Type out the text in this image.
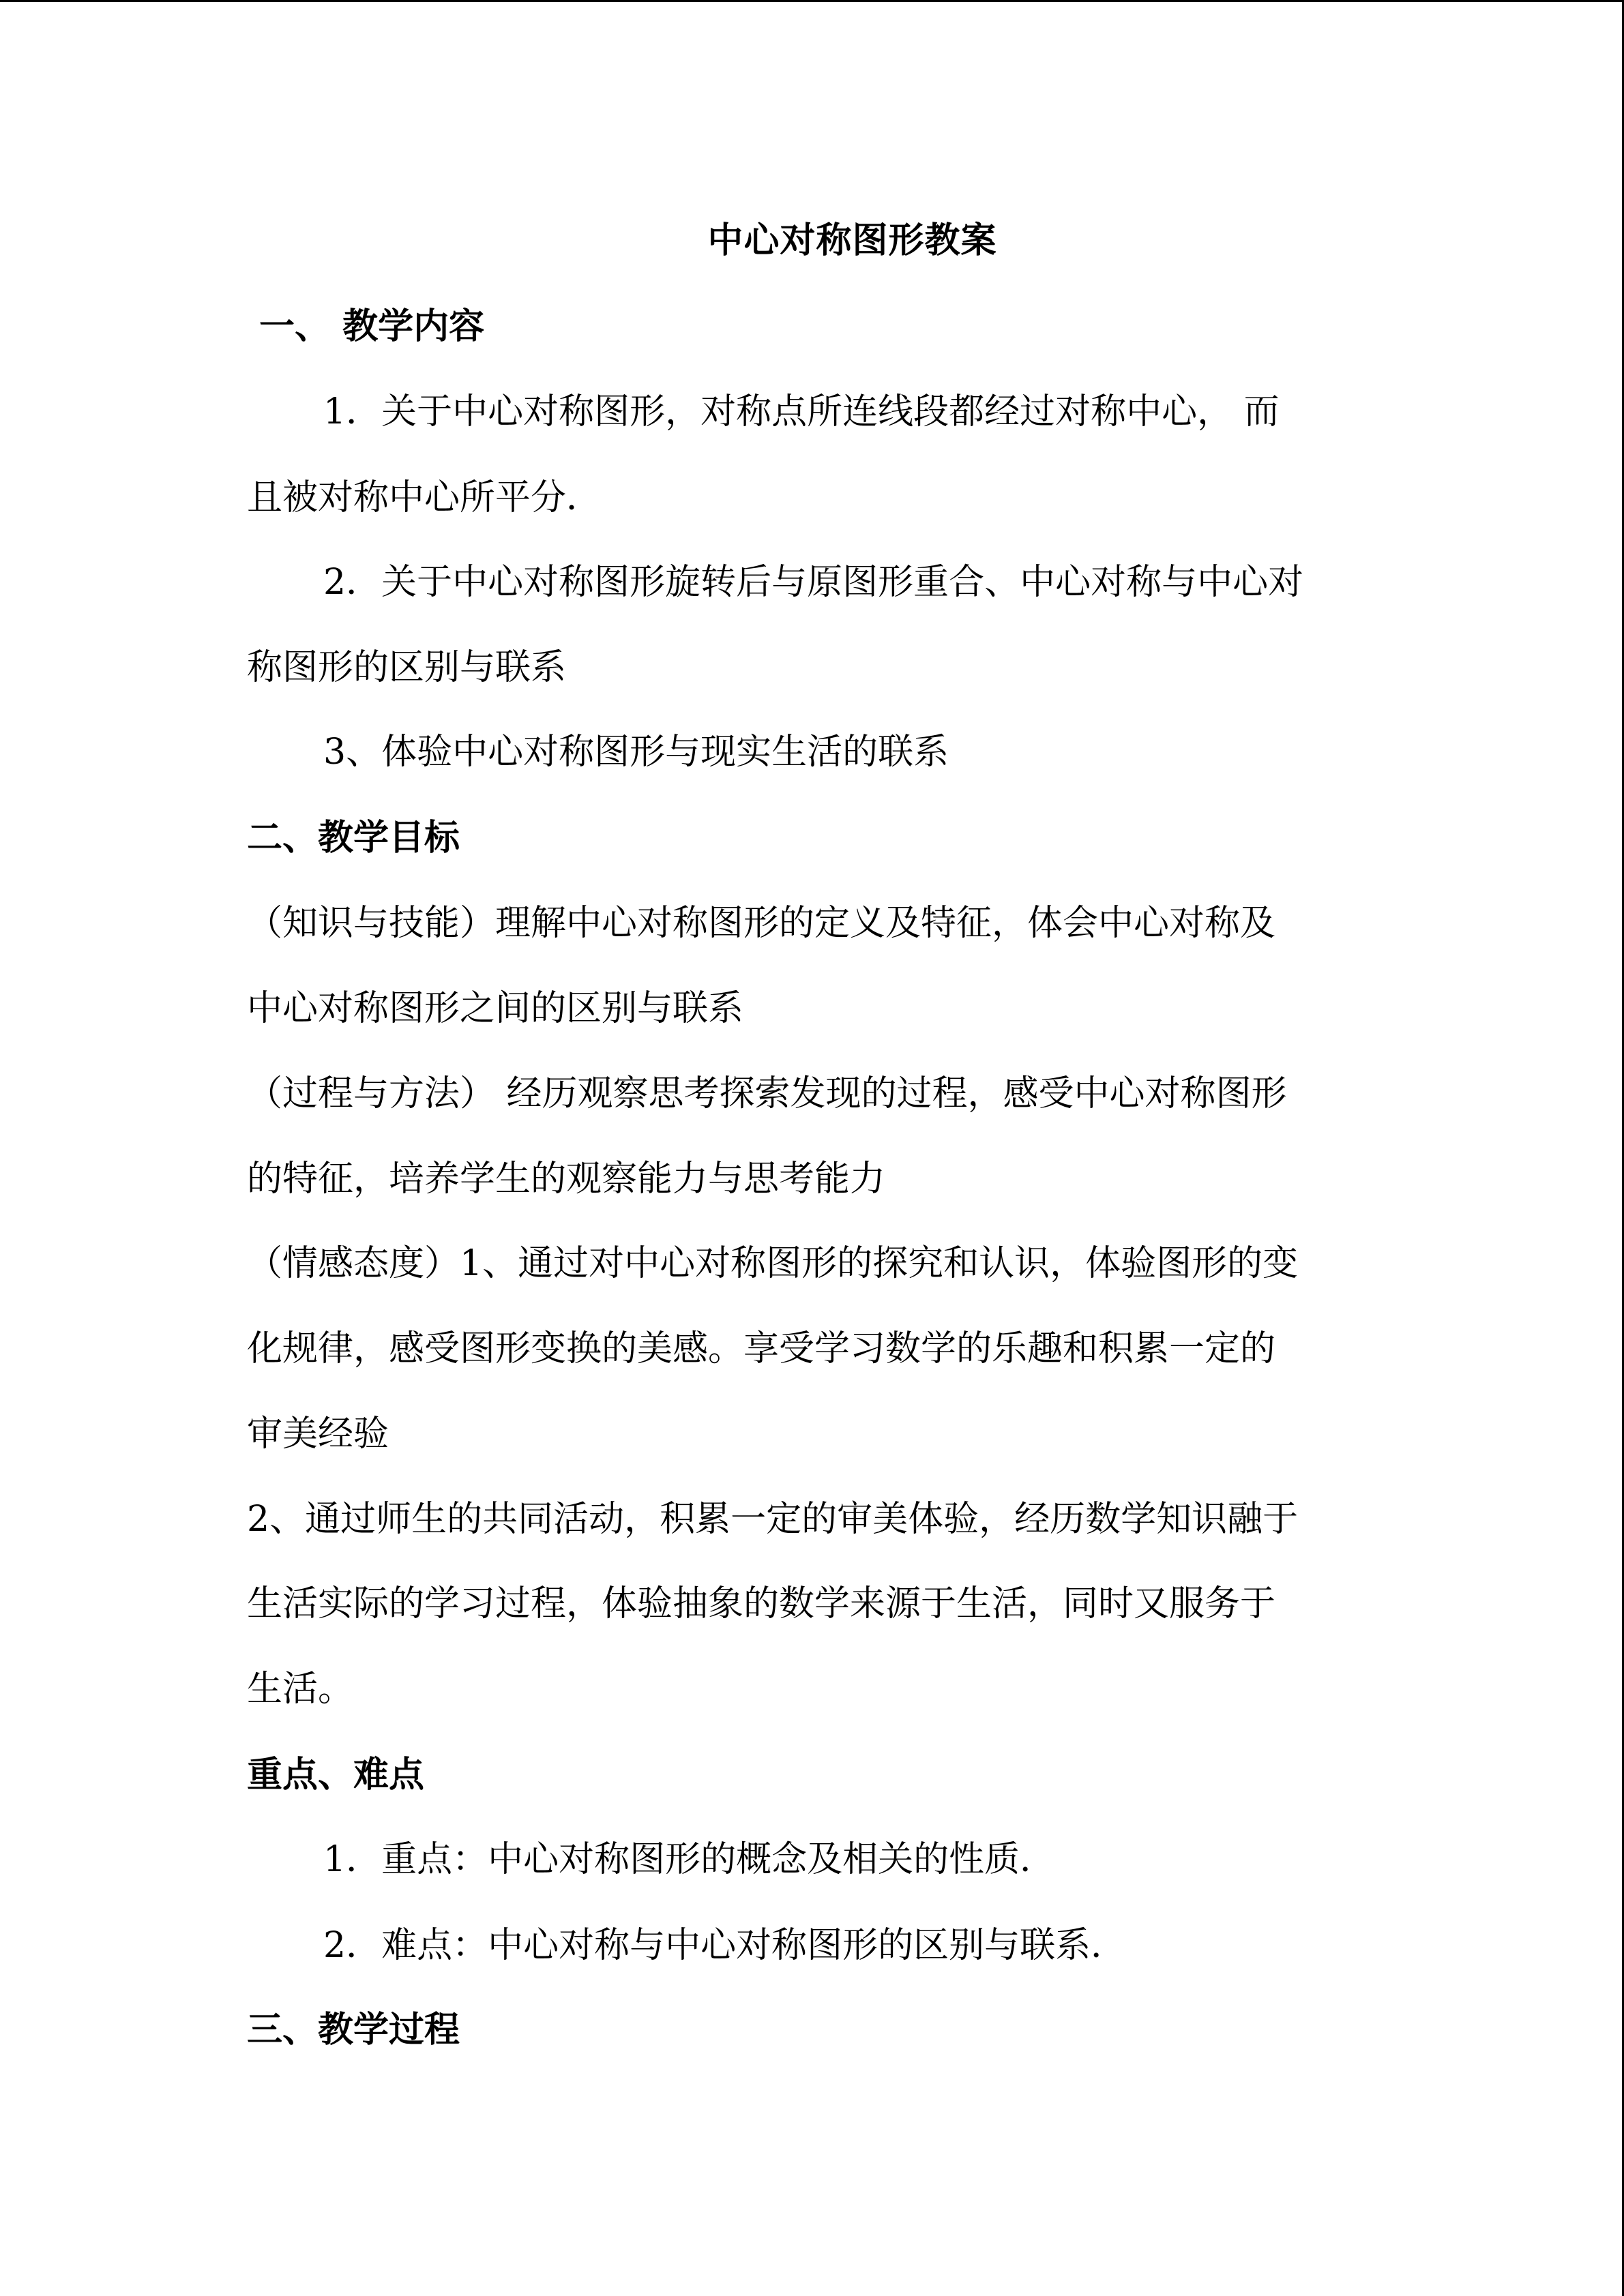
中心对称图形教案
一、 教学内容
1．关于中心对称图形，对称点所连线段都经过对称中心， 而
且被对称中心所平分．
2．关于中心对称图形旋转后与原图形重合、中心对称与中心对
称图形的区别与联系
3、体验中心对称图形与现实生活的联系
二、教学目标
（知识与技能）理解中心对称图形的定义及特征，体会中心对称及
中心对称图形之间的区别与联系
（过程与方法） 经历观察思考探索发现的过程，感受中心对称图形
的特征，培养学生的观察能力与思考能力
（情感态度）1、通过对中心对称图形的探究和认识，体验图形的变
化规律，感受图形变换的美感。享受学习数学的乐趣和积累一定的
审美经验
2、通过师生的共同活动，积累一定的审美体验，经历数学知识融于
生活实际的学习过程，体验抽象的数学来源于生活，同时又服务于
生活。
重点、难点
1．重点：中心对称图形的概念及相关的性质．
2．难点：中心对称与中心对称图形的区别与联系．
三、教学过程
